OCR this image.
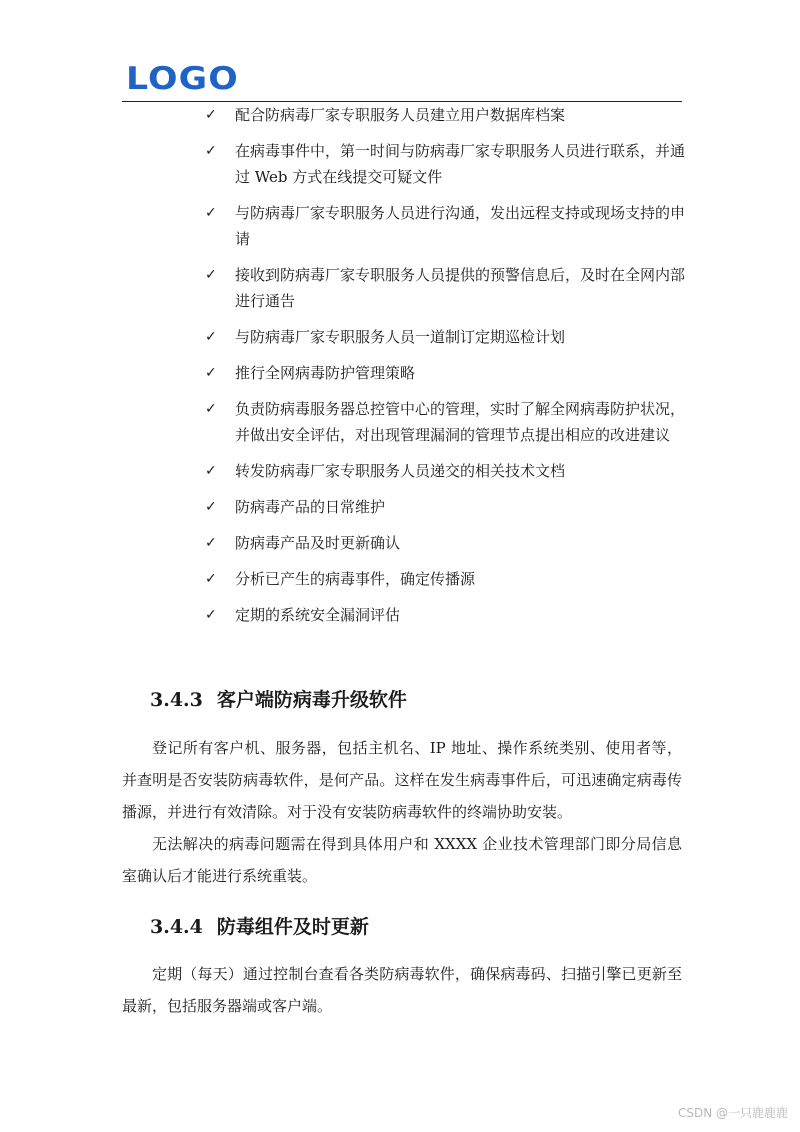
LOGO
✓ 配合防病毒厂家专职服务人员建立用户数据库档案
✓ 在病毒事件中，第一时间与防病毒厂家专职服务人员进行联系，并通过 Web 方式在线提交可疑文件
✓ 与防病毒厂家专职服务人员进行沟通，发出远程支持或现场支持的申请
✓ 接收到防病毒厂家专职服务人员提供的预警信息后，及时在全网内部进行通告
✓ 与防病毒厂家专职服务人员一道制订定期巡检计划
✓ 推行全网病毒防护管理策略
✓ 负责防病毒服务器总控管中心的管理，实时了解全网病毒防护状况，并做出安全评估，对出现管理漏洞的管理节点提出相应的改进建议
✓ 转发防病毒厂家专职服务人员递交的相关技术文档
✓ 防病毒产品的日常维护
✓ 防病毒产品及时更新确认
✓ 分析已产生的病毒事件，确定传播源
✓ 定期的系统安全漏洞评估
3.4.3 客户端防病毒升级软件

登记所有客户机、服务器，包括主机名、IP 地址、操作系统类别、使用者等，并查明是否安装防病毒软件，是何产品。这样在发生病毒事件后，可迅速确定病毒传播源，并进行有效清除。对于没有安装防病毒软件的终端协助安装。

无法解决的病毒问题需在得到具体用户和 XXXX 企业技术管理部门即分局信息室确认后才能进行系统重装。

3.4.4 防毒组件及时更新

定期（每天）通过控制台查看各类防病毒软件，确保病毒码、扫描引擎已更新至最新，包括服务器端或客户端。

CSDN @一只鹿鹿鹿
